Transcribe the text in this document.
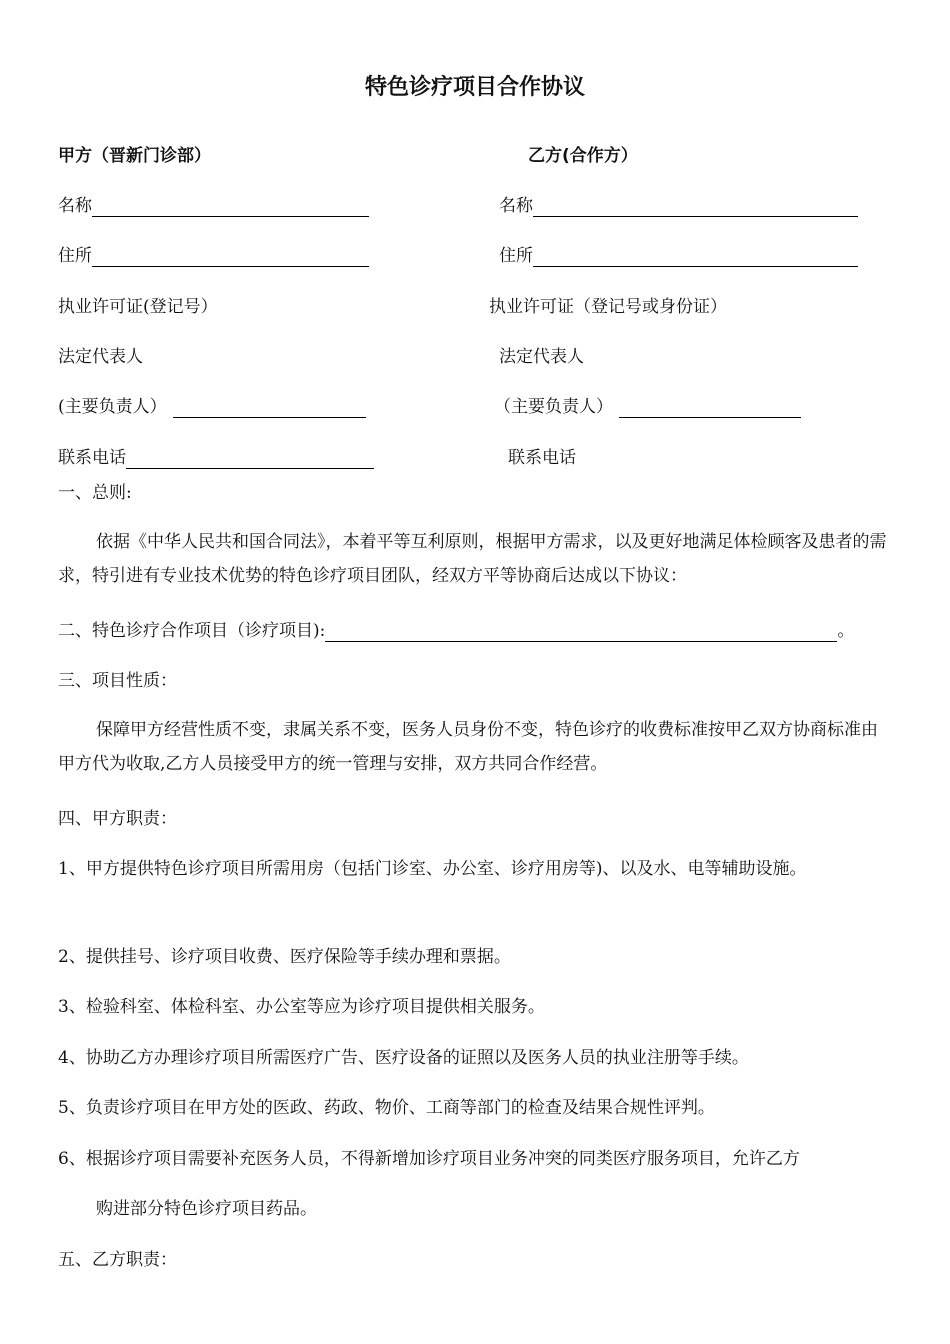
特色诊疗项目合作协议
甲方（晋新门诊部）
名称
住所
执业许可证(登记号）
法定代表人
(主要负责人）
联系电话
乙方(合作方）
名称
住所
执业许可证（登记号或身份证）
法定代表人
（主要负责人）
联系电话
一、总则:
依据《中华人民共和国合同法》，本着平等互利原则，根据甲方需求，以及更好地满足体检顾客及患者的需求，特引进有专业技术优势的特色诊疗项目团队，经双方平等协商后达成以下协议：
二、特色诊疗合作项目（诊疗项目):	。
三、项目性质：
保障甲方经营性质不变，隶属关系不变，医务人员身份不变，特色诊疗的收费标准按甲乙双方协商标准由甲方代为收取,乙方人员接受甲方的统一管理与安排，双方共同合作经营。
四、甲方职责：
1、甲方提供特色诊疗项目所需用房（包括门诊室、办公室、诊疗用房等)、以及水、电等辅助设施。
2、提供挂号、诊疗项目收费、医疗保险等手续办理和票据。
3、检验科室、体检科室、办公室等应为诊疗项目提供相关服务。
4、协助乙方办理诊疗项目所需医疗广告、医疗设备的证照以及医务人员的执业注册等手续。
5、负责诊疗项目在甲方处的医政、药政、物价、工商等部门的检查及结果合规性评判。
6、根据诊疗项目需要补充医务人员，不得新增加诊疗项目业务冲突的同类医疗服务项目，允许乙方
购进部分特色诊疗项目药品。
五、乙方职责：
